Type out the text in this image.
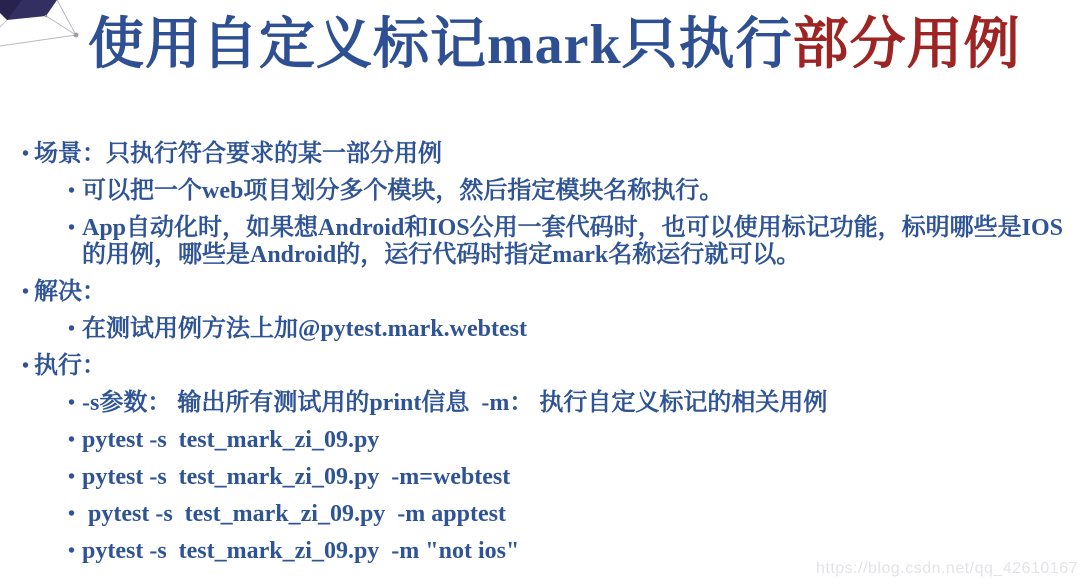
使用自定义标记mark只执行部分用例
• 场景：只执行符合要求的某一部分用例
• 可以把一个web项目划分多个模块，然后指定模块名称执行。
• App自动化时，如果想Android和IOS公用一套代码时，也可以使用标记功能，标明哪些是IOS的用例，哪些是Android的，运行代码时指定mark名称运行就可以。
• 解决：
• 在测试用例方法上加@pytest.mark.webtest
• 执行：
• -s参数： 输出所有测试用的print信息  -m： 执行自定义标记的相关用例
• pytest -s  test_mark_zi_09.py
• pytest -s  test_mark_zi_09.py  -m=webtest
• pytest -s  test_mark_zi_09.py  -m apptest
• pytest -s  test_mark_zi_09.py  -m "not ios"
https://blog.csdn.net/qq_42610167
